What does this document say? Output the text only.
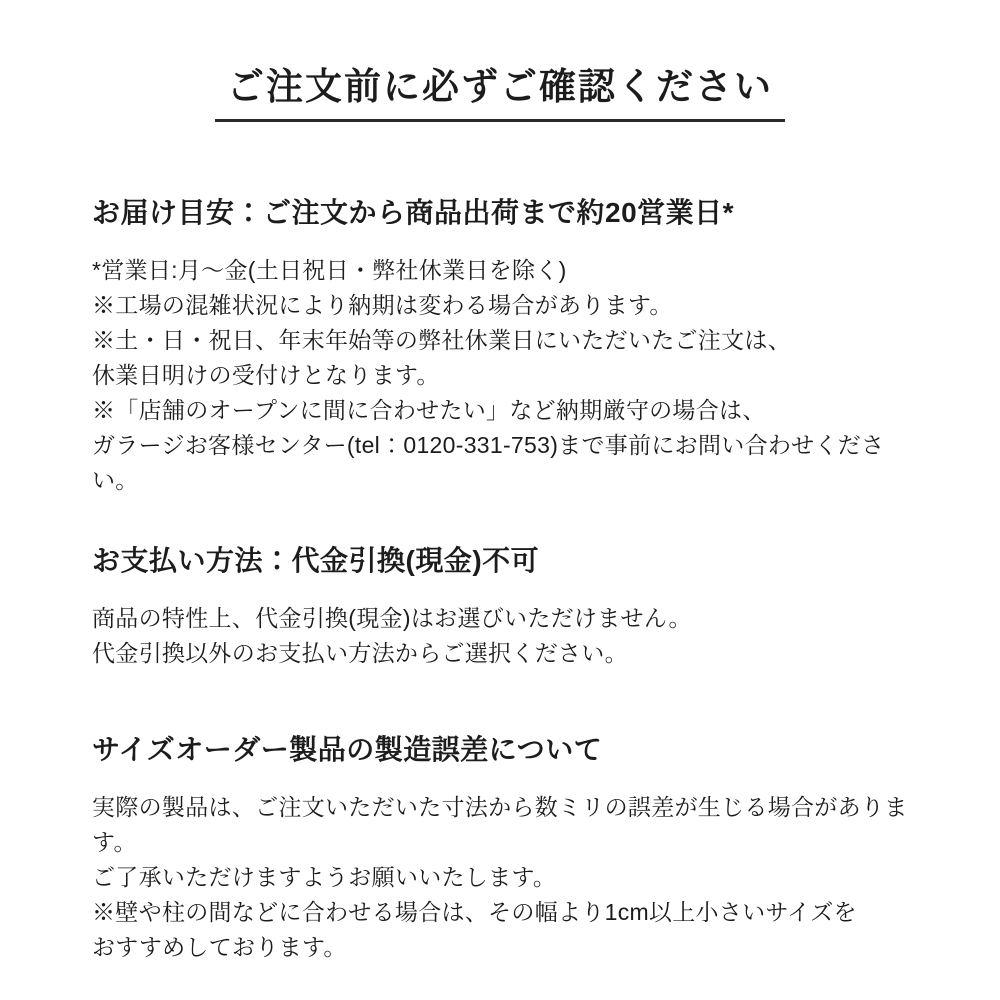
ご注文前に必ずご確認ください
お届け目安：ご注文から商品出荷まで約20営業日*

*営業日:月〜金(土日祝日・弊社休業日を除く)
※工場の混雑状況により納期は変わる場合があります。
※土・日・祝日、年末年始等の弊社休業日にいただいたご注文は、
休業日明けの受付けとなります。
※「店舗のオープンに間に合わせたい」など納期厳守の場合は、
ガラージお客様センター(tel：0120-331-753)まで事前にお問い合わせください。

お支払い方法：代金引換(現金)不可

商品の特性上、代金引換(現金)はお選びいただけません。
代金引換以外のお支払い方法からご選択ください。

サイズオーダー製品の製造誤差について

実際の製品は、ご注文いただいた寸法から数ミリの誤差が生じる場合があります。
ご了承いただけますようお願いいたします。
※壁や柱の間などに合わせる場合は、その幅より1cm以上小さいサイズを
おすすめしております。
